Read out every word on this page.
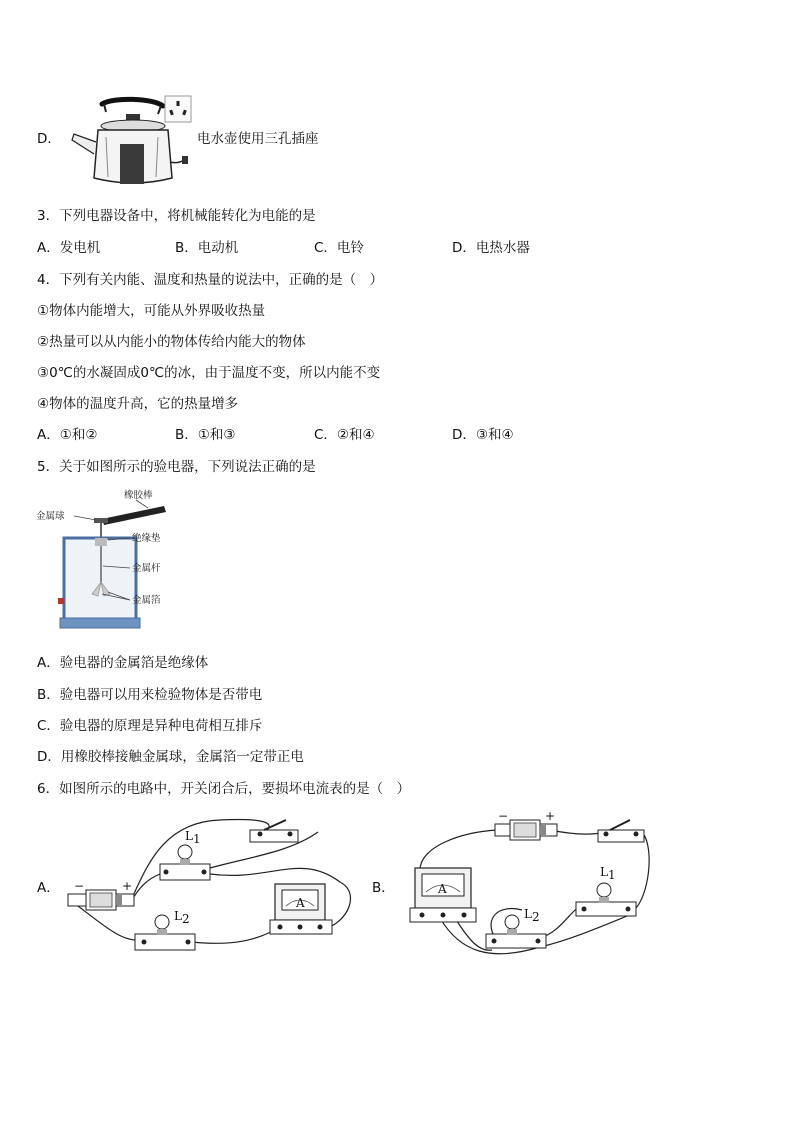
D．	电水壶使用三孔插座
3．下列电器设备中，将机械能转化为电能的是
A．发电机	B．电动机	C．电铃	D．电热水器
4．下列有关内能、温度和热量的说法中，正确的是（　）
①物体内能增大，可能从外界吸收热量
②热量可以从内能小的物体传给内能大的物体
③0℃的水凝固成0℃的冰，由于温度不变，所以内能不变
④物体的温度升高，它的热量增多
A．①和②	B．①和③	C．②和④	D．③和④
5．关于如图所示的验电器，下列说法正确的是
橡胶棒
金属球
绝缘垫
金属杆
金属箔
A．验电器的金属箔是绝缘体
B．验电器可以用来检验物体是否带电
C．验电器的原理是异种电荷相互排斥
D．用橡胶棒接触金属球，金属箔一定带正电
6．如图所示的电路中，开关闭合后，要损坏电流表的是（　）
A．	B．
−	+
L 1
L 2
A
−	+
A
L 1
L 2
